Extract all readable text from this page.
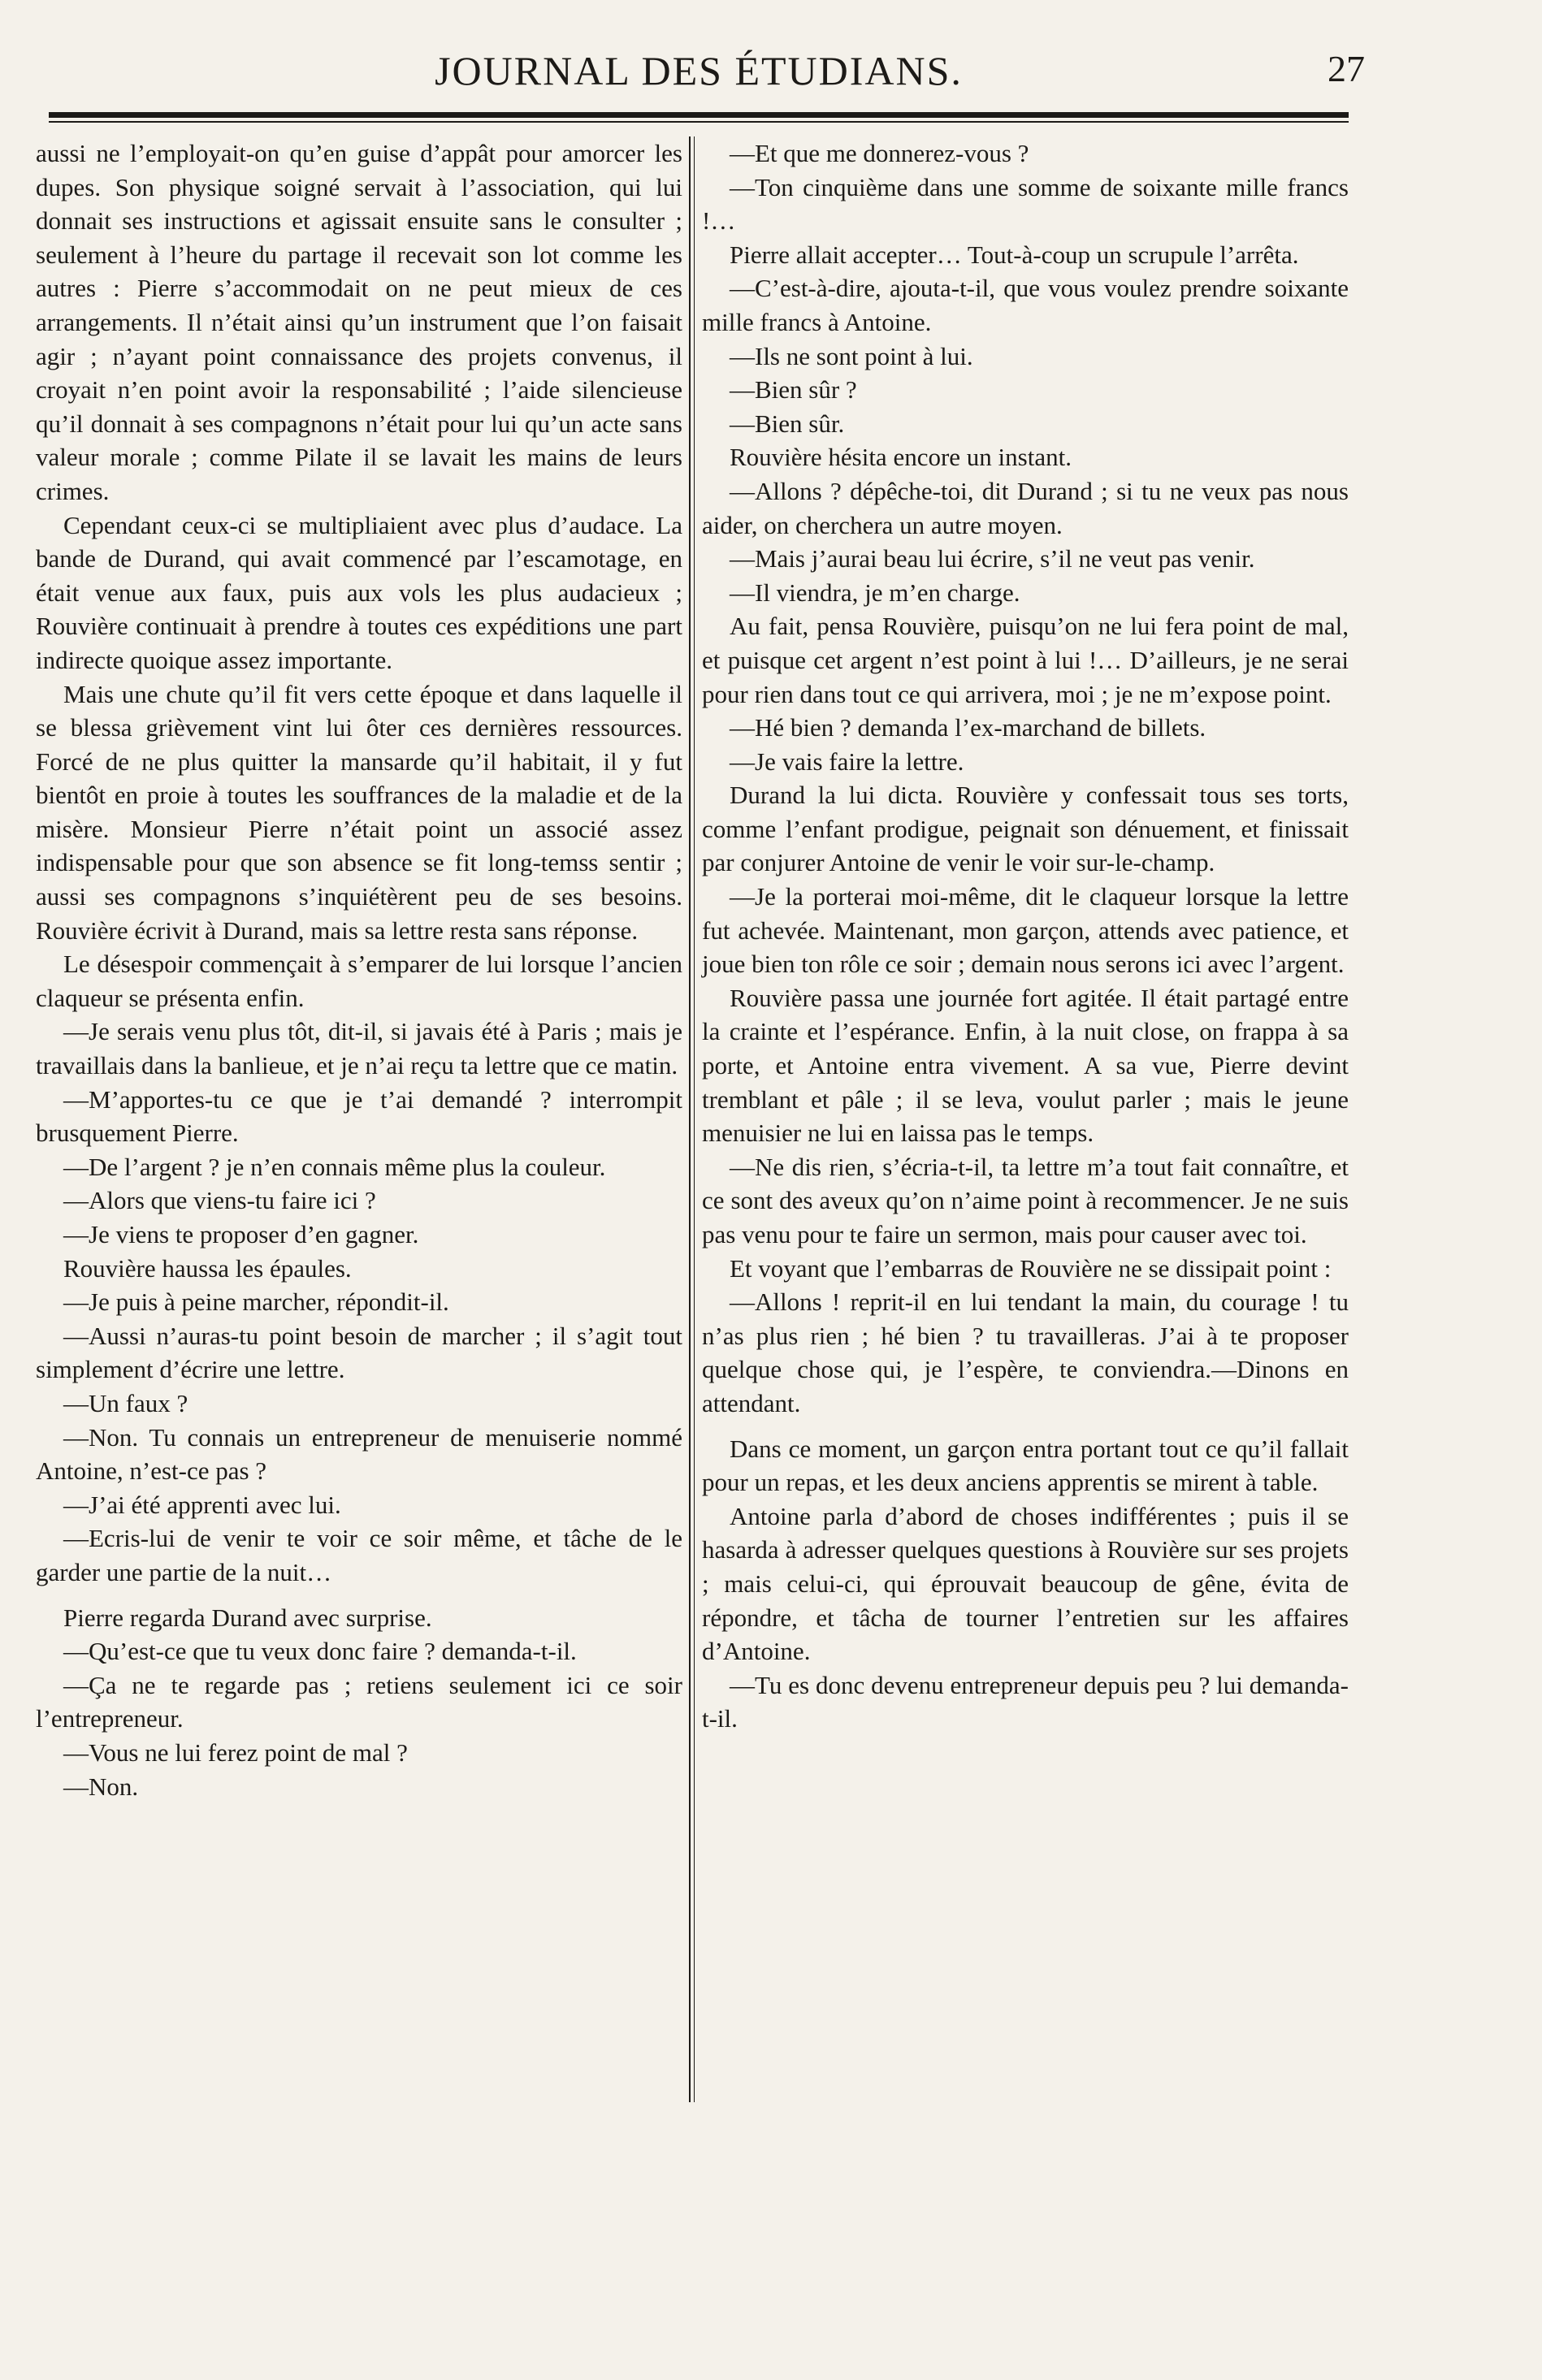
JOURNAL DES ÉTUDIANS.	27

aussi ne l’employait-on qu’en guise d’appât pour amorcer les dupes. Son physique soigné servait à l’association, qui lui donnait ses instructions et agissait ensuite sans le consulter ; seulement à l’heure du partage il recevait son lot comme les autres : Pierre s’accommodait on ne peut mieux de ces arrangements. Il n’était ainsi qu’un instrument que l’on faisait agir ; n’ayant point connaissance des projets convenus, il croyait n’en point avoir la responsabilité ; l’aide silencieuse qu’il donnait à ses compagnons n’était pour lui qu’un acte sans valeur morale ; comme Pilate il se lavait les mains de leurs crimes.

Cependant ceux-ci se multipliaient avec plus d’audace. La bande de Durand, qui avait commencé par l’escamotage, en était venue aux faux, puis aux vols les plus audacieux ; Rouvière continuait à prendre à toutes ces expéditions une part indirecte quoique assez importante.

Mais une chute qu’il fit vers cette époque et dans laquelle il se blessa grièvement vint lui ôter ces dernières ressources. Forcé de ne plus quitter la mansarde qu’il habitait, il y fut bientôt en proie à toutes les souffrances de la maladie et de la misère. Monsieur Pierre n’était point un associé assez indispensable pour que son absence se fit long-temss sentir ; aussi ses compagnons s’inquiétèrent peu de ses besoins. Rouvière écrivit à Durand, mais sa lettre resta sans réponse.

Le désespoir commençait à s’emparer de lui lorsque l’ancien claqueur se présenta enfin.

—Je serais venu plus tôt, dit-il, si javais été à Paris ; mais je travaillais dans la banlieue, et je n’ai reçu ta lettre que ce matin.

—M’apportes-tu ce que je t’ai demandé ? interrompit brusquement Pierre.

—De l’argent ? je n’en connais même plus la couleur.

—Alors que viens-tu faire ici ?

—Je viens te proposer d’en gagner.

Rouvière haussa les épaules.

—Je puis à peine marcher, répondit-il.

—Aussi n’auras-tu point besoin de marcher ; il s’agit tout simplement d’écrire une lettre.

—Un faux ?

—Non. Tu connais un entrepreneur de menuiserie nommé Antoine, n’est-ce pas ?

—J’ai été apprenti avec lui.

—Ecris-lui de venir te voir ce soir même, et tâche de le garder une partie de la nuit…

Pierre regarda Durand avec surprise.

—Qu’est-ce que tu veux donc faire ? demanda-t-il.

—Ça ne te regarde pas ; retiens seulement ici ce soir l’entrepreneur.

—Vous ne lui ferez point de mal ?

—Non.

—Et que me donnerez-vous ?

—Ton cinquième dans une somme de soixante mille francs !…

Pierre allait accepter… Tout-à-coup un scrupule l’arrêta.

—C’est-à-dire, ajouta-t-il, que vous voulez prendre soixante mille francs à Antoine.

—Ils ne sont point à lui.

—Bien sûr ?

—Bien sûr.

Rouvière hésita encore un instant.

—Allons ? dépêche-toi, dit Durand ; si tu ne veux pas nous aider, on cherchera un autre moyen.

—Mais j’aurai beau lui écrire, s’il ne veut pas venir.

—Il viendra, je m’en charge.

Au fait, pensa Rouvière, puisqu’on ne lui fera point de mal, et puisque cet argent n’est point à lui !… D’ailleurs, je ne serai pour rien dans tout ce qui arrivera, moi ; je ne m’expose point.

—Hé bien ? demanda l’ex-marchand de billets.

—Je vais faire la lettre.

Durand la lui dicta. Rouvière y confessait tous ses torts, comme l’enfant prodigue, peignait son dénuement, et finissait par conjurer Antoine de venir le voir sur-le-champ.

—Je la porterai moi-même, dit le claqueur lorsque la lettre fut achevée. Maintenant, mon garçon, attends avec patience, et joue bien ton rôle ce soir ; demain nous serons ici avec l’argent.

Rouvière passa une journée fort agitée. Il était partagé entre la crainte et l’espérance. Enfin, à la nuit close, on frappa à sa porte, et Antoine entra vivement. A sa vue, Pierre devint tremblant et pâle ; il se leva, voulut parler ; mais le jeune menuisier ne lui en laissa pas le temps.

—Ne dis rien, s’écria-t-il, ta lettre m’a tout fait connaître, et ce sont des aveux qu’on n’aime point à recommencer. Je ne suis pas venu pour te faire un sermon, mais pour causer avec toi.

Et voyant que l’embarras de Rouvière ne se dissipait point :

—Allons ! reprit-il en lui tendant la main, du courage ! tu n’as plus rien ; hé bien ? tu travailleras. J’ai à te proposer quelque chose qui, je l’espère, te conviendra.—Dinons en attendant.

Dans ce moment, un garçon entra portant tout ce qu’il fallait pour un repas, et les deux anciens apprentis se mirent à table.

Antoine parla d’abord de choses indifférentes ; puis il se hasarda à adresser quelques questions à Rouvière sur ses projets ; mais celui-ci, qui éprouvait beaucoup de gêne, évita de répondre, et tâcha de tourner l’entretien sur les affaires d’Antoine.

—Tu es donc devenu entrepreneur depuis peu ? lui demanda-t-il.
